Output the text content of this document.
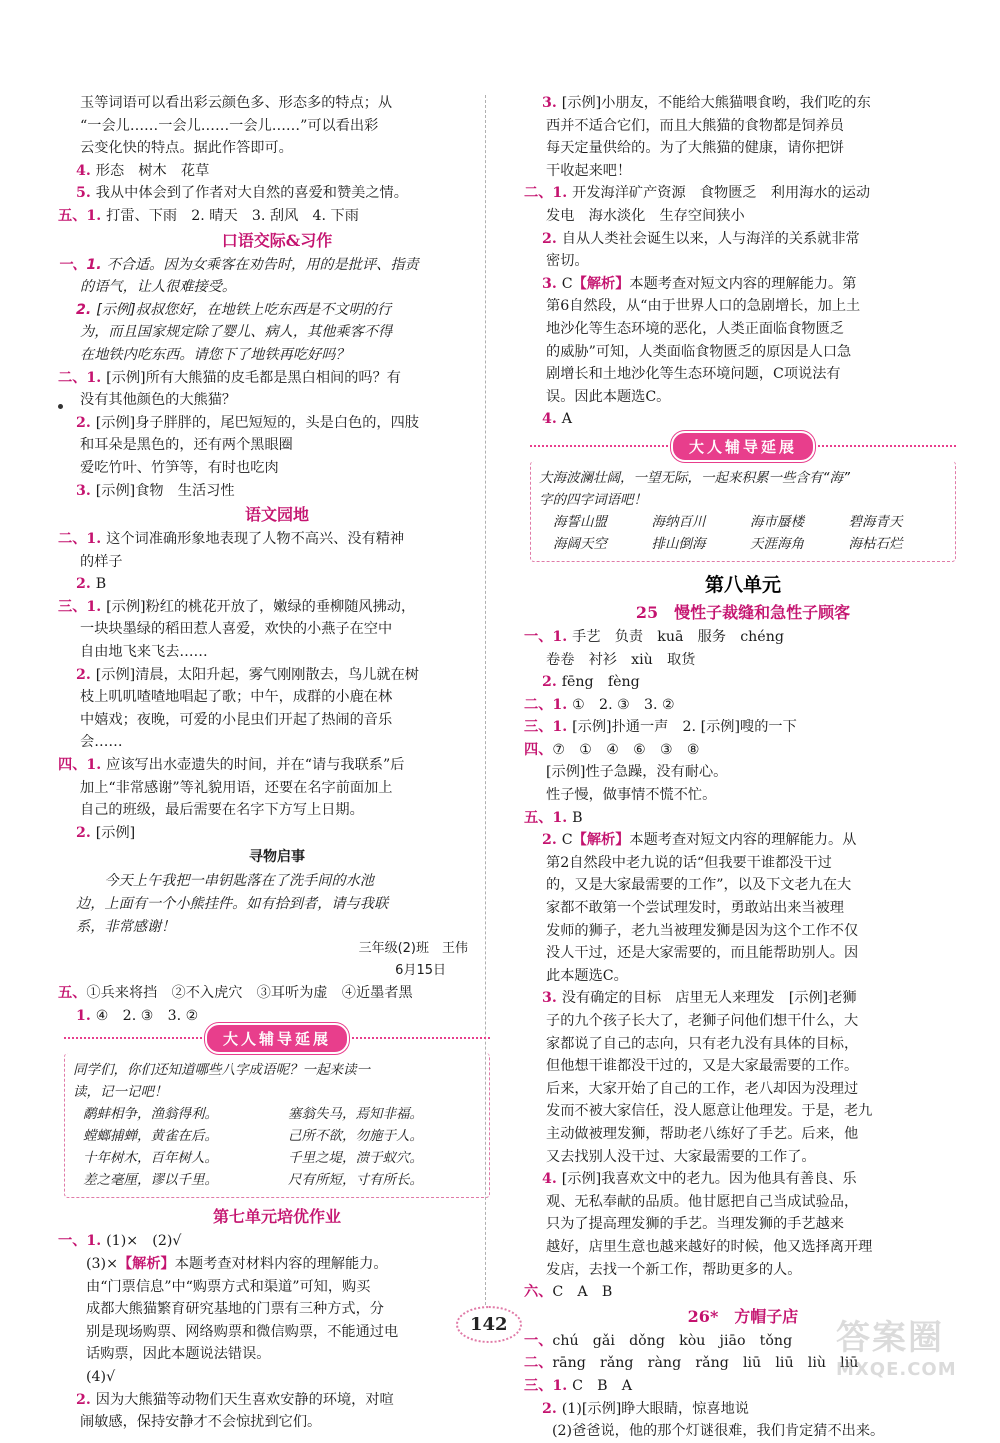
玉等词语可以看出彩云颜色多、形态多的特点；从
“一会儿……一会儿……一会儿……”可以看出彩
云变化快的特点。据此作答即可。
4. 形态　树木　花草
5. 我从中体会到了作者对大自然的喜爱和赞美之情。
五、1. 打雷、下雨　2. 晴天　3. 刮风　4. 下雨
口语交际&习作
一、1. 不合适。因为女乘客在劝告时，用的是批评、指责
的语气，让人很难接受。
2. [示例]叔叔您好，在地铁上吃东西是不文明的行
为，而且国家规定除了婴儿、病人，其他乘客不得
在地铁内吃东西。请您下了地铁再吃好吗？
二、1. [示例]所有大熊猫的皮毛都是黑白相间的吗？有
没有其他颜色的大熊猫？
2. [示例]身子胖胖的，尾巴短短的，头是白色的，四肢
和耳朵是黑色的，还有两个黑眼圈
爱吃竹叶、竹笋等，有时也吃肉
3. [示例]食物　生活习性
语文园地
二、1. 这个词准确形象地表现了人物不高兴、没有精神
的样子
2. B
三、1. [示例]粉红的桃花开放了，嫩绿的垂柳随风拂动，
一块块墨绿的稻田惹人喜爱，欢快的小燕子在空中
自由地飞来飞去……
2. [示例]清晨，太阳升起，雾气刚刚散去，鸟儿就在树
枝上叽叽喳喳地唱起了歌；中午，成群的小鹿在林
中嬉戏；夜晚，可爱的小昆虫们开起了热闹的音乐
会……
四、1. 应该写出水壶遗失的时间，并在“请与我联系”后
加上“非常感谢”等礼貌用语，还要在名字前面加上
自己的班级，最后需要在名字下方写上日期。
2. [示例]
寻物启事
　　今天上午我把一串钥匙落在了洗手间的水池
边，上面有一个小熊挂件。如有拾到者，请与我联
系，非常感谢！
三年级(2)班　王伟
6月15日
五、①兵来将挡　②不入虎穴　③耳听为虚　④近墨者黑
1. ④　2. ③　3. ②
大人辅导延展
同学们，你们还知道哪些八字成语呢？一起来读一
读，记一记吧！
鹬蚌相争，渔翁得利。	塞翁失马，焉知非福。
螳螂捕蝉，黄雀在后。	己所不欲，勿施于人。
十年树木，百年树人。	千里之堤，溃于蚁穴。
差之毫厘，谬以千里。	尺有所短，寸有所长。
第七单元培优作业
一、1. (1)×　(2)√
(3)×【解析】本题考查对材料内容的理解能力。
由“门票信息”中“购票方式和渠道”可知，购买
成都大熊猫繁育研究基地的门票有三种方式，分
别是现场购票、网络购票和微信购票，不能通过电
话购票，因此本题说法错误。
(4)√
2. 因为大熊猫等动物们天生喜欢安静的环境，对喧
闹敏感，保持安静才不会惊扰到它们。
3. [示例]小朋友，不能给大熊猫喂食哟，我们吃的东
西并不适合它们，而且大熊猫的食物都是饲养员
每天定量供给的。为了大熊猫的健康，请你把饼
干收起来吧！
二、1. 开发海洋矿产资源　食物匮乏　利用海水的运动
发电　海水淡化　生存空间狭小
2. 自从人类社会诞生以来，人与海洋的关系就非常
密切。
3. C【解析】本题考查对短文内容的理解能力。第
第6自然段，从“由于世界人口的急剧增长，加上土
地沙化等生态环境的恶化，人类正面临食物匮乏
的威胁”可知，人类面临食物匮乏的原因是人口急
剧增长和土地沙化等生态环境问题，C项说法有
误。因此本题选C。
4. A
大人辅导延展
大海波澜壮阔，一望无际，一起来积累一些含有“海”
字的四字词语吧！
海誓山盟	海纳百川	海市蜃楼	碧海青天
海阔天空	排山倒海	天涯海角	海枯石烂
第八单元
25　慢性子裁缝和急性子顾客
一、1. 手艺　负责　kuā　服务　chéng
卷卷　衬衫　xiù　取货
2. fēng　fèng
二、1. ①　2. ③　3. ②
三、1. [示例]扑通一声　2. [示例]嗖的一下
四、⑦　①　④　⑥　③　⑧
[示例]性子急躁，没有耐心。
性子慢，做事情不慌不忙。
五、1. B
2. C【解析】本题考查对短文内容的理解能力。从
第2自然段中老九说的话“但我要干谁都没干过
的，又是大家最需要的工作”，以及下文老九在大
家都不敢第一个尝试理发时，勇敢站出来当被理
发师的狮子，老九当被理发狮是因为这个工作不仅
没人干过，还是大家需要的，而且能帮助别人。因
此本题选C。
3. 没有确定的目标　店里无人来理发　[示例]老狮
子的九个孩子长大了，老狮子问他们想干什么，大
家都说了自己的志向，只有老九没有具体的目标，
但他想干谁都没干过的，又是大家最需要的工作。
后来，大家开始了自己的工作，老八却因为没理过
发而不被大家信任，没人愿意让他理发。于是，老九
主动做被理发狮，帮助老八练好了手艺。后来，他
又去找别人没干过、大家最需要的工作了。
4. [示例]我喜欢文中的老九。因为他具有善良、乐
观、无私奉献的品质。他甘愿把自己当成试验品，
只为了提高理发狮的手艺。当理发狮的手艺越来
越好，店里生意也越来越好的时候，他又选择离开理
发店，去找一个新工作，帮助更多的人。
六、C　A　B
26*　方帽子店
一、chú　gǎi　dǒng　kòu　jiāo　tǒng
二、rāng　rǎng　ràng　rǎng　liū　liū　liù　liū
三、1. C　B　A
2. (1)[示例]睁大眼睛，惊喜地说
(2)爸爸说，他的那个灯谜很难，我们肯定猜不出来。
142	答案圈
MXQE.COM
